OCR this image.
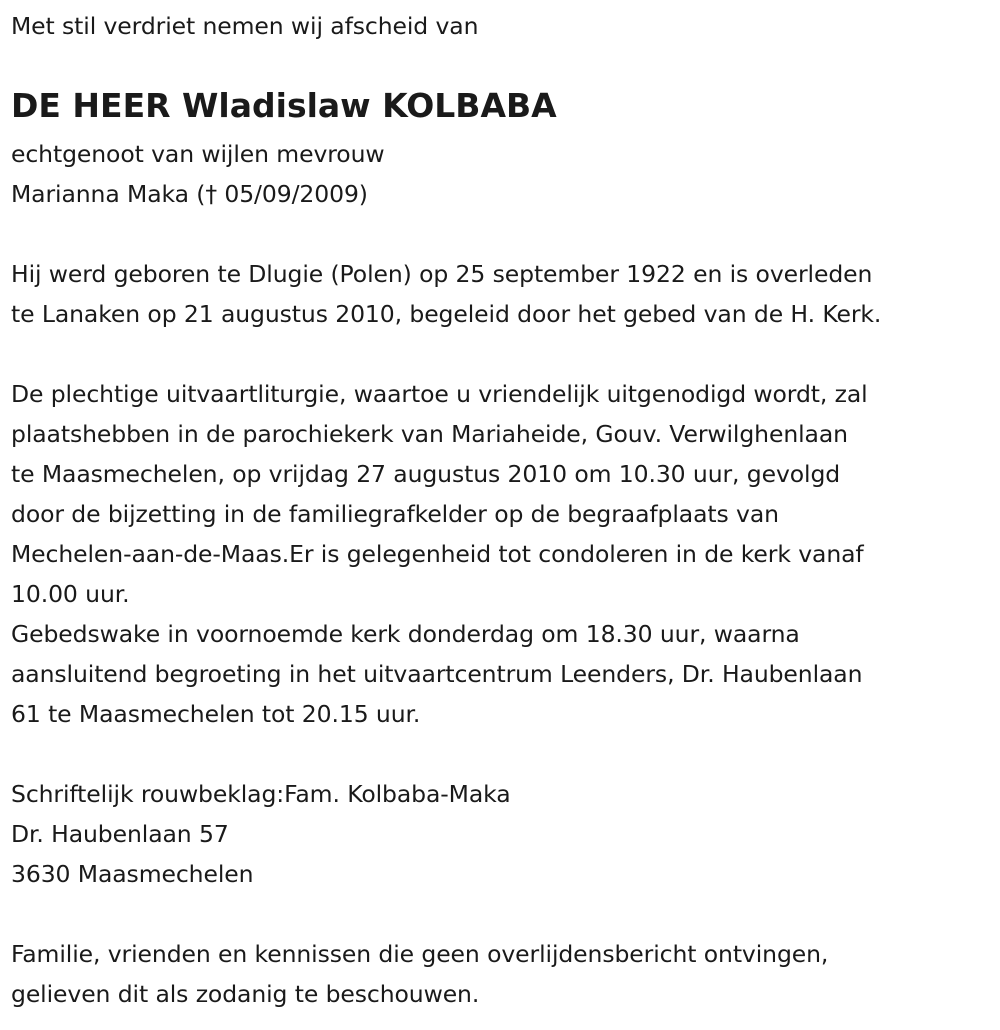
Met stil verdriet nemen wij afscheid van
DE HEER Wladislaw KOLBABA
echtgenoot van wijlen mevrouw
Marianna Maka († 05/09/2009)
Hij werd geboren te Dlugie (Polen) op 25 september 1922 en is overleden
te Lanaken op 21 augustus 2010, begeleid door het gebed van de H. Kerk.
De plechtige uitvaartliturgie, waartoe u vriendelijk uitgenodigd wordt, zal
plaatshebben in de parochiekerk van Mariaheide, Gouv. Verwilghenlaan
te Maasmechelen, op vrijdag 27 augustus 2010 om 10.30 uur, gevolgd
door de bijzetting in de familiegrafkelder op de begraafplaats van
Mechelen-aan-de-Maas.Er is gelegenheid tot condoleren in de kerk vanaf
10.00 uur.
Gebedswake in voornoemde kerk donderdag om 18.30 uur, waarna
aansluitend begroeting in het uitvaartcentrum Leenders, Dr. Haubenlaan
61 te Maasmechelen tot 20.15 uur.
Schriftelijk rouwbeklag:Fam. Kolbaba-Maka
Dr. Haubenlaan 57
3630 Maasmechelen
Familie, vrienden en kennissen die geen overlijdensbericht ontvingen,
gelieven dit als zodanig te beschouwen.
